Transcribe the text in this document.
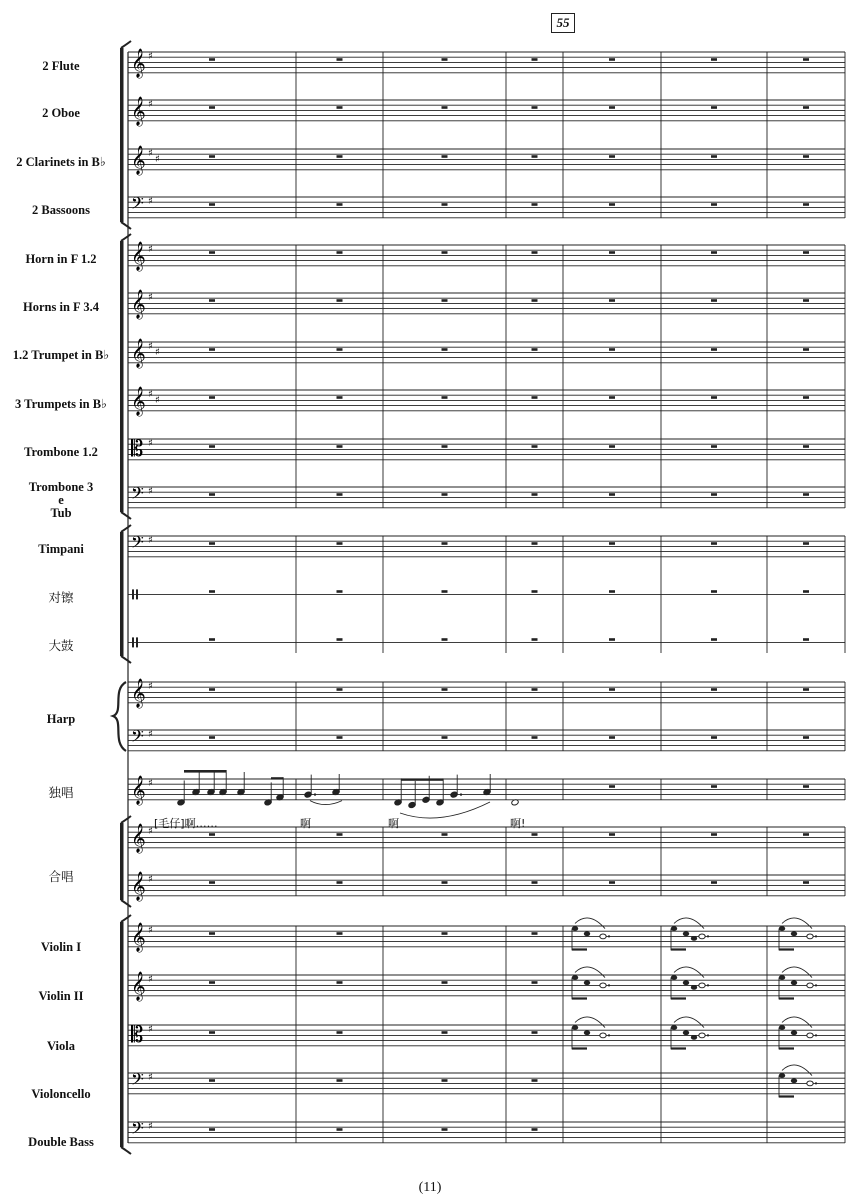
𝄞 ♯
𝄞 ♯
𝄞 ♯
♯
𝄢 ♯
𝄞 ♯
𝄞 ♯
𝄞 ♯
♯
𝄞 ♯
♯
𝄡 ♯
𝄢 ♯
𝄢 ♯
𝄞 ♯
𝄢 ♯
𝄞 ♯
𝄞 ♯
𝄞 ♯
𝄞 ♯
𝄞 ♯
𝄡 ♯
𝄢 ♯
𝄢 ♯
55
2 Flute
2 Oboe
2 Clarinets in B♭
2 Bassoons
Horn in F 1.2
Horns in F 3.4
1.2 Trumpet in B♭
3 Trumpets in B♭
Trombone 1.2
Trombone 3
e
Tub
Timpani
对镲
大鼓
Harp
独唱
合唱
Violin I
Violin II
Viola
Violoncello
Double Bass
[毛仔]啊……	啊	啊	啊!
(11)
